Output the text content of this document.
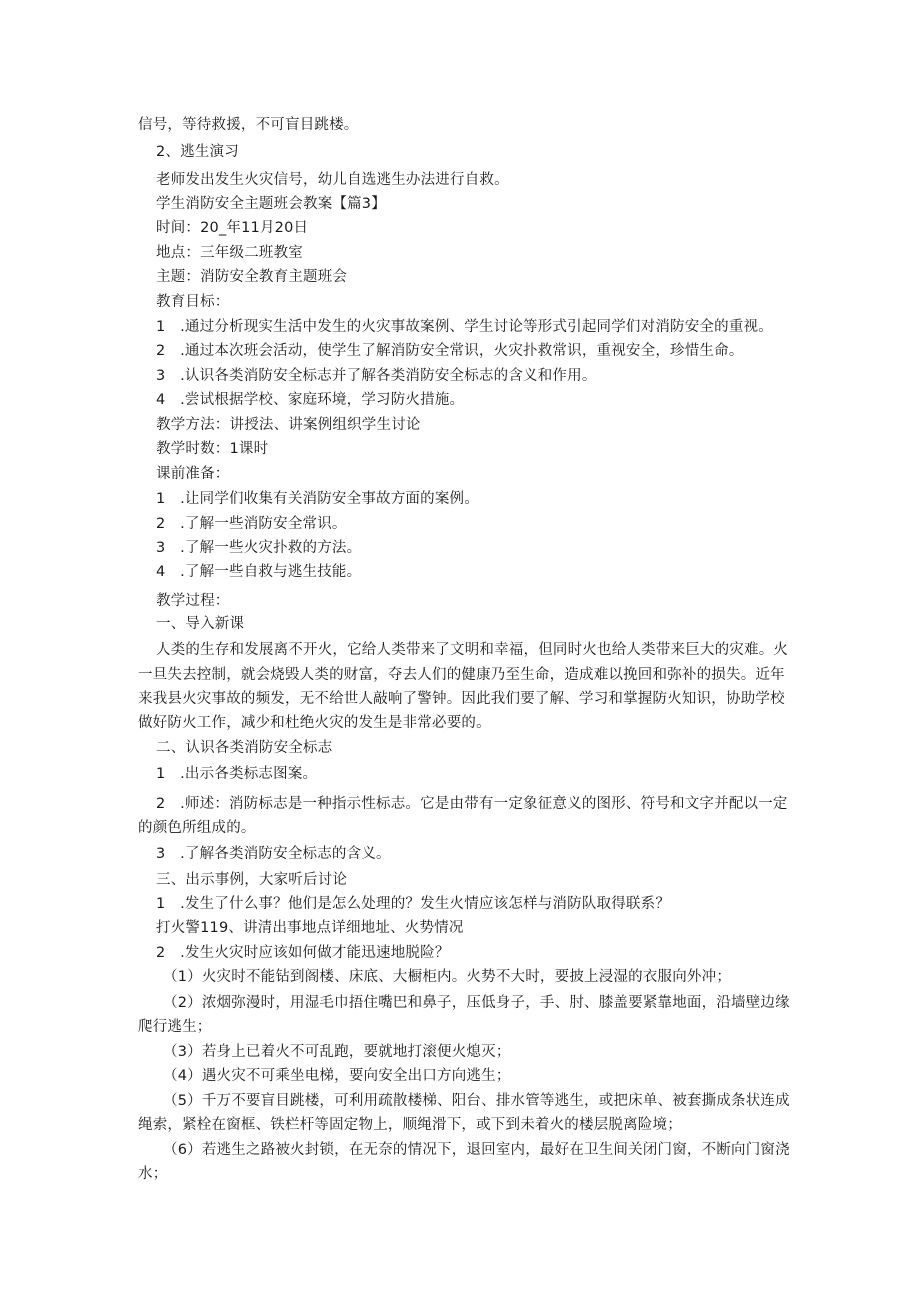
信号，等待救援，不可盲目跳楼。
2、逃生演习
老师发出发生火灾信号，幼儿自选逃生办法进行自救。
学生消防安全主题班会教案【篇3】
时间：20_年11月20日
地点：三年级二班教室
主题：消防安全教育主题班会
教育目标：
1　.通过分析现实生活中发生的火灾事故案例、学生讨论等形式引起同学们对消防安全的重视。
2　.通过本次班会活动，使学生了解消防安全常识，火灾扑救常识，重视安全，珍惜生命。
3　.认识各类消防安全标志并了解各类消防安全标志的含义和作用。
4　.尝试根据学校、家庭环境，学习防火措施。
教学方法：讲授法、讲案例组织学生讨论
教学时数：1课时
课前准备：
1　.让同学们收集有关消防安全事故方面的案例。
2　.了解一些消防安全常识。
3　.了解一些火灾扑救的方法。
4　.了解一些自救与逃生技能。
教学过程：
一、导入新课
人类的生存和发展离不开火，它给人类带来了文明和幸福，但同时火也给人类带来巨大的灾难。火
一旦失去控制，就会烧毁人类的财富，夺去人们的健康乃至生命，造成难以挽回和弥补的损失。近年
来我县火灾事故的频发，无不给世人敲响了警钟。因此我们要了解、学习和掌握防火知识，协助学校
做好防火工作，减少和杜绝火灾的发生是非常必要的。
二、认识各类消防安全标志
1　.出示各类标志图案。
2　.师述：消防标志是一种指示性标志。它是由带有一定象征意义的图形、符号和文字并配以一定
的颜色所组成的。
3　.了解各类消防安全标志的含义。
三、出示事例，大家听后讨论
1　.发生了什么事？他们是怎么处理的？发生火情应该怎样与消防队取得联系？
打火警119、讲清出事地点详细地址、火势情况
2　.发生火灾时应该如何做才能迅速地脱险？
（1）火灾时不能钻到阁楼、床底、大橱柜内。火势不大时，要披上浸湿的衣服向外冲；
（2）浓烟弥漫时，用湿毛巾捂住嘴巴和鼻子，压低身子，手、肘、膝盖要紧靠地面，沿墙壁边缘
爬行逃生；
（3）若身上已着火不可乱跑，要就地打滚便火熄灭；
（4）遇火灾不可乘坐电梯，要向安全出口方向逃生；
（5）千万不要盲目跳楼，可利用疏散楼梯、阳台、排水管等逃生，或把床单、被套撕成条状连成
绳索，紧栓在窗框、铁栏杆等固定物上，顺绳滑下，或下到未着火的楼层脱离险境；
（6）若逃生之路被火封锁，在无奈的情况下，退回室内，最好在卫生间关闭门窗，不断向门窗浇
水；
